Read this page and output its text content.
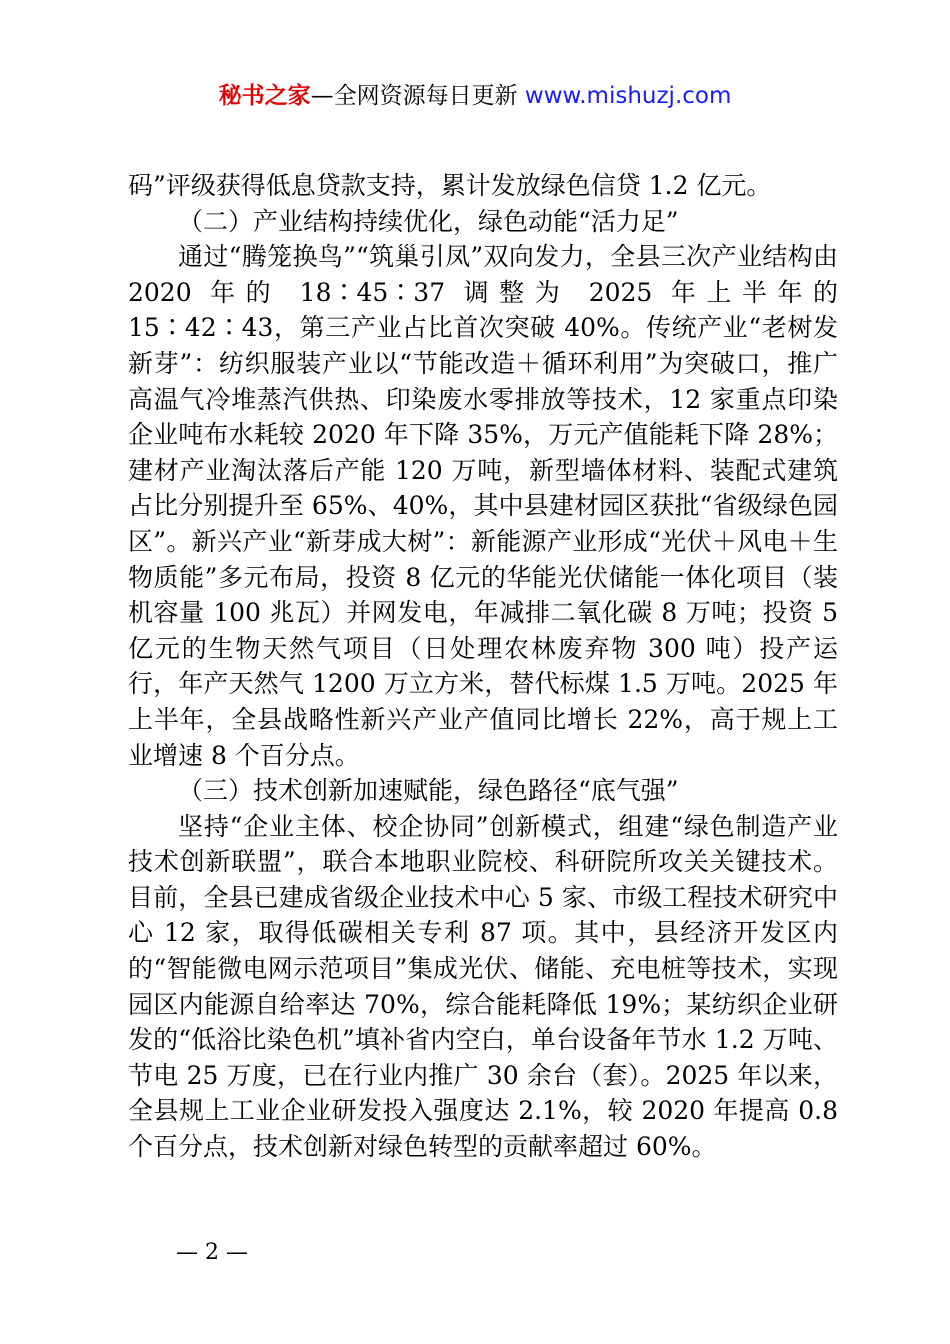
秘书之家—全网资源每日更新 www.mishuzj.com

码”评级获得低息贷款支持，累计发放绿色信贷 1.2 亿元。

（二）产业结构持续优化，绿色动能“活力足”

通过“腾笼换鸟”“筑巢引凤”双向发力，全县三次产业结构由 2020 年的 18∶45∶37 调整为 2025 年上半年的 15∶42∶43，第三产业占比首次突破 40%。传统产业“老树发新芽”：纺织服装产业以“节能改造＋循环利用”为突破口，推广高温气冷堆蒸汽供热、印染废水零排放等技术，12 家重点印染企业吨布水耗较 2020 年下降 35%，万元产值能耗下降 28%；建材产业淘汰落后产能 120 万吨，新型墙体材料、装配式建筑占比分别提升至 65%、40%，其中县建材园区获批“省级绿色园区”。新兴产业“新芽成大树”：新能源产业形成“光伏＋风电＋生物质能”多元布局，投资 8 亿元的华能光伏储能一体化项目（装机容量 100 兆瓦）并网发电，年减排二氧化碳 8 万吨；投资 5 亿元的生物天然气项目（日处理农林废弃物 300 吨）投产运行，年产天然气 1200 万立方米，替代标煤 1.5 万吨。2025 年上半年，全县战略性新兴产业产值同比增长 22%，高于规上工业增速 8 个百分点。

（三）技术创新加速赋能，绿色路径“底气强”

坚持“企业主体、校企协同”创新模式，组建“绿色制造产业技术创新联盟”，联合本地职业院校、科研院所攻关关键技术。目前，全县已建成省级企业技术中心 5 家、市级工程技术研究中心 12 家，取得低碳相关专利 87 项。其中，县经济开发区内的“智能微电网示范项目”集成光伏、储能、充电桩等技术，实现园区内能源自给率达 70%，综合能耗降低 19%；某纺织企业研发的“低浴比染色机”填补省内空白，单台设备年节水 1.2 万吨、节电 25 万度，已在行业内推广 30 余台（套）。2025 年以来，全县规上工业企业研发投入强度达 2.1%，较 2020 年提高 0.8 个百分点，技术创新对绿色转型的贡献率超过 60%。

— 2 —
